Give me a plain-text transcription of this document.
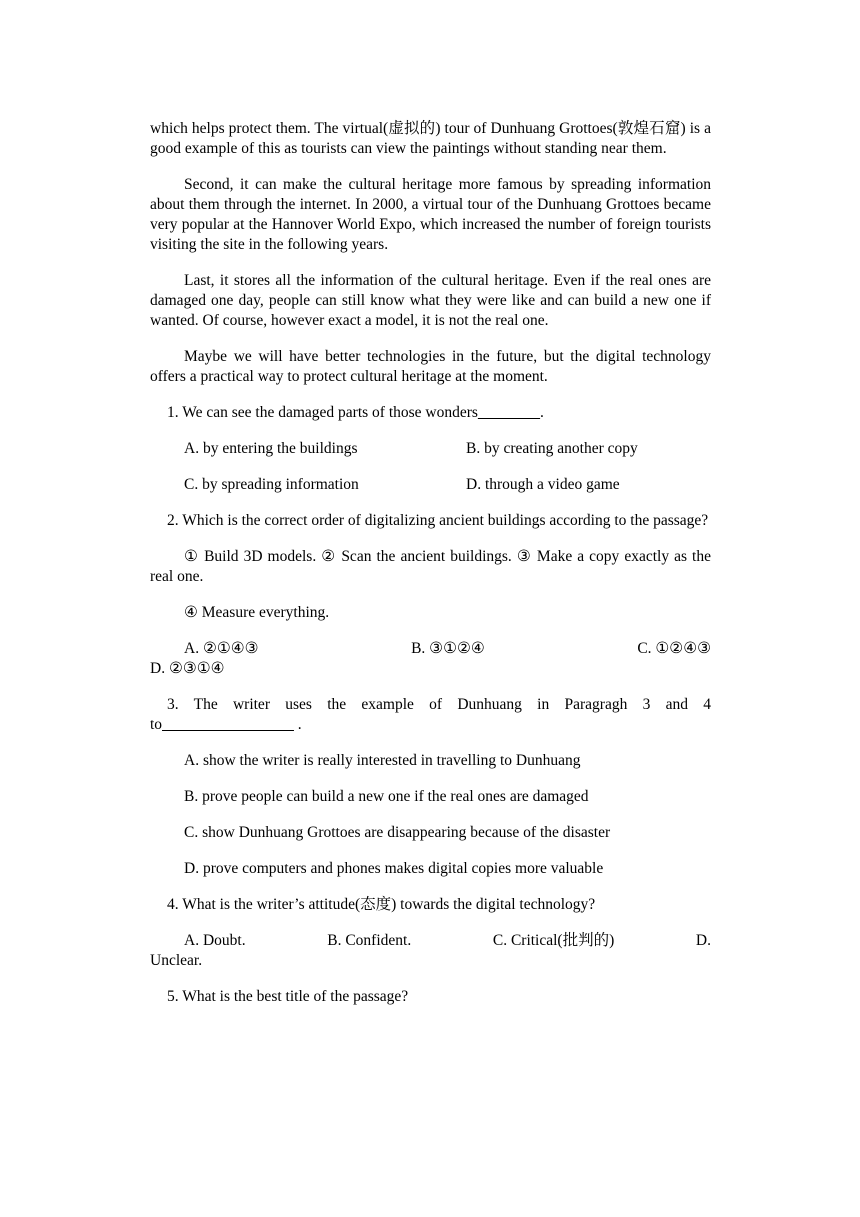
which helps protect them. The virtual(虚拟的) tour of Dunhuang Grottoes(敦煌石窟) is a good example of this as tourists can view the paintings without standing near them.

Second, it can make the cultural heritage more famous by spreading information about them through the internet. In 2000, a virtual tour of the Dunhuang Grottoes became very popular at the Hannover World Expo, which increased the number of foreign tourists visiting the site in the following years.

Last, it stores all the information of the cultural heritage. Even if the real ones are damaged one day, people can still know what they were like and can build a new one if wanted. Of course, however exact a model, it is not the real one.

Maybe we will have better technologies in the future, but the digital technology offers a practical way to protect cultural heritage at the moment.

1. We can see the damaged parts of those wonders________.

A. by entering the buildings	B. by creating another copy
C. by spreading information	D. through a video game

2. Which is the correct order of digitalizing ancient buildings according to the passage?

① Build 3D models. ② Scan the ancient buildings. ③ Make a copy exactly as the real one.

④ Measure everything.

A. ②①④③	B. ③①②④	C. ①②④③

D. ②③①④

3. The writer uses the example of Dunhuang in Paragragh 3 and 4 to_________________ .

A. show the writer is really interested in travelling to Dunhuang

B. prove people can build a new one if the real ones are damaged

C. show Dunhuang Grottoes are disappearing because of the disaster

D. prove computers and phones makes digital copies more valuable

4. What is the writer’s attitude(态度) towards the digital technology?

A. Doubt.	B. Confident.	C. Critical(批判的)	D.

Unclear.

5. What is the best title of the passage?
